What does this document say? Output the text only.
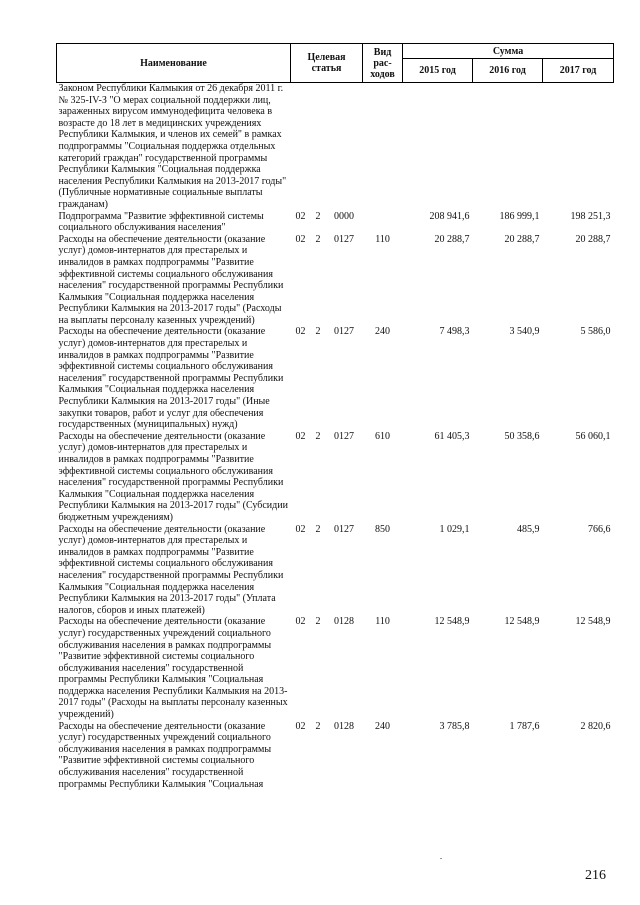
Наименование	Целевая статья			Вид рас-ходов	Сумма		
					2015 год	2016 год	2017 год
Законом Республики Калмыкия от 26 декабря 2011 г. № 325-IV-З "О мерах социальной поддержки лиц, зараженных вирусом иммунодефицита человека в возрасте до 18 лет в медицинских учреждениях Республики Калмыкия, и членов их семей" в рамках подпрограммы "Социальная поддержка отдельных категорий граждан" государственной программы Республики Калмыкия "Социальная поддержка населения Республики Калмыкия на 2013-2017 годы" (Публичные нормативные социальные выплаты гражданам)							
Подпрограмма "Развитие эффективной системы социального обслуживания населения"	02	2	0000		208 941,6	186 999,1	198 251,3
Расходы на обеспечение деятельности (оказание услуг) домов-интернатов для престарелых и инвалидов в рамках подпрограммы "Развитие эффективной системы социального обслуживания населения" государственной программы Республики Калмыкия "Социальная поддержка населения Республики Калмыкия на 2013-2017 годы" (Расходы на выплаты персоналу казенных учреждений)	02	2	0127	110	20 288,7	20 288,7	20 288,7
Расходы на обеспечение деятельности (оказание услуг) домов-интернатов для престарелых и инвалидов в рамках подпрограммы "Развитие эффективной системы социального обслуживания населения" государственной программы Республики Калмыкия "Социальная поддержка населения Республики Калмыкия на 2013-2017 годы" (Иные закупки товаров, работ и услуг для обеспечения государственных (муниципальных) нужд)	02	2	0127	240	7 498,3	3 540,9	5 586,0
Расходы на обеспечение деятельности (оказание услуг) домов-интернатов для престарелых и инвалидов в рамках подпрограммы "Развитие эффективной системы социального обслуживания населения" государственной программы Республики Калмыкия "Социальная поддержка населения Республики Калмыкия на 2013-2017 годы" (Субсидии бюджетным учреждениям)	02	2	0127	610	61 405,3	50 358,6	56 060,1
Расходы на обеспечение деятельности (оказание услуг) домов-интернатов для престарелых и инвалидов в рамках подпрограммы "Развитие эффективной системы социального обслуживания населения" государственной программы Республики Калмыкия "Социальная поддержка населения Республики Калмыкия на 2013-2017 годы" (Уплата налогов, сборов и иных платежей)	02	2	0127	850	1 029,1	485,9	766,6
Расходы на обеспечение деятельности (оказание услуг) государственных учреждений социального обслуживания населения в рамках подпрограммы "Развитие эффективной системы социального обслуживания населения" государственной программы Республики Калмыкия "Социальная поддержка населения Республики Калмыкия на 2013-2017 годы" (Расходы на выплаты персоналу казенных учреждений)	02	2	0128	110	12 548,9	12 548,9	12 548,9
Расходы на обеспечение деятельности (оказание услуг) государственных учреждений социального обслуживания населения в рамках подпрограммы "Развитие эффективной системы социального обслуживания населения" государственной программы Республики Калмыкия "Социальная	02	2	0128	240	3 785,8	1 787,6	2 820,6
216
